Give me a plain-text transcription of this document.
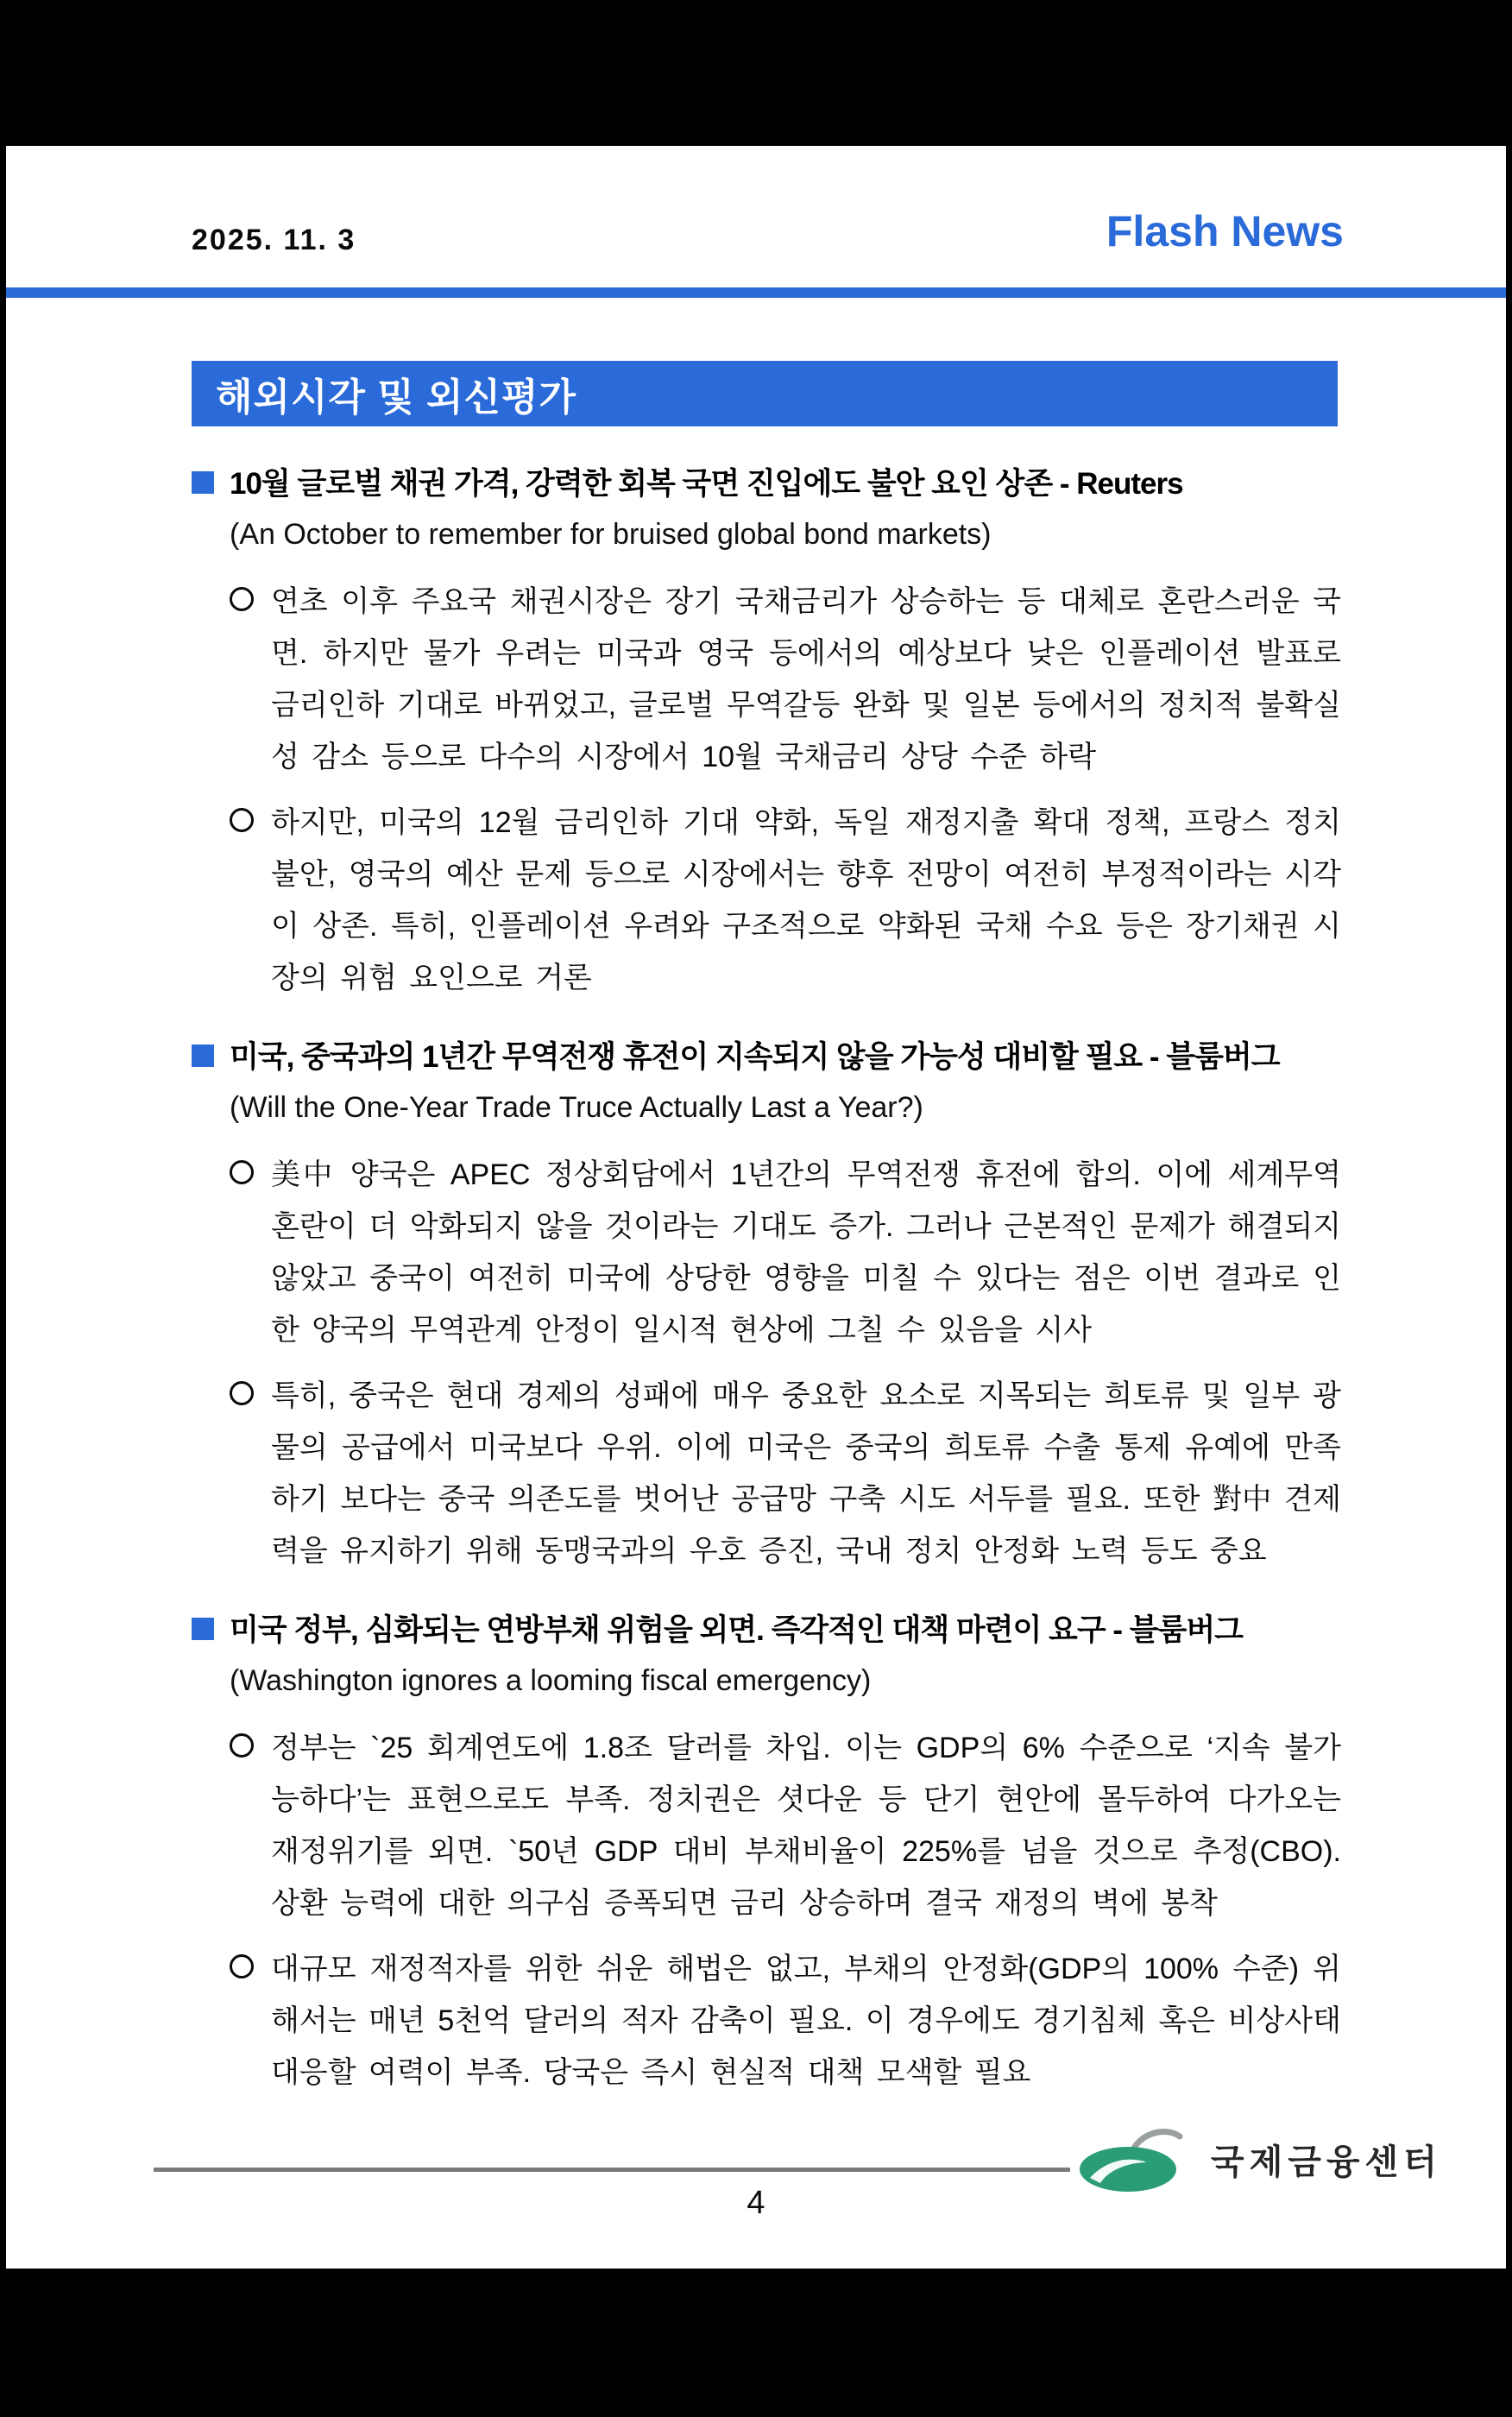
2025. 11. 3	Flash News
해외시각 및 외신평가
10월 글로벌 채권 가격, 강력한 회복 국면 진입에도 불안 요인 상존 - Reuters
(An October to remember for bruised global bond markets)
연초 이후 주요국 채권시장은 장기 국채금리가 상승하는 등 대체로 혼란스러운 국면. 하지만 물가 우려는 미국과 영국 등에서의 예상보다 낮은 인플레이션 발표로 금리인하 기대로 바뀌었고, 글로벌 무역갈등 완화 및 일본 등에서의 정치적 불확실성 감소 등으로 다수의 시장에서 10월 국채금리 상당 수준 하락
하지만, 미국의 12월 금리인하 기대 약화, 독일 재정지출 확대 정책, 프랑스 정치 불안, 영국의 예산 문제 등으로 시장에서는 향후 전망이 여전히 부정적이라는 시각이 상존. 특히, 인플레이션 우려와 구조적으로 약화된 국채 수요 등은 장기채권 시장의 위험 요인으로 거론
미국, 중국과의 1년간 무역전쟁 휴전이 지속되지 않을 가능성 대비할 필요 - 블룸버그
(Will the One-Year Trade Truce Actually Last a Year?)
美中 양국은 APEC 정상회담에서 1년간의 무역전쟁 휴전에 합의. 이에 세계무역 혼란이 더 악화되지 않을 것이라는 기대도 증가. 그러나 근본적인 문제가 해결되지 않았고 중국이 여전히 미국에 상당한 영향을 미칠 수 있다는 점은 이번 결과로 인한 양국의 무역관계 안정이 일시적 현상에 그칠 수 있음을 시사
특히, 중국은 현대 경제의 성패에 매우 중요한 요소로 지목되는 희토류 및 일부 광물의 공급에서 미국보다 우위. 이에 미국은 중국의 희토류 수출 통제 유예에 만족하기 보다는 중국 의존도를 벗어난 공급망 구축 시도 서두를 필요. 또한 對中 견제력을 유지하기 위해 동맹국과의 우호 증진, 국내 정치 안정화 노력 등도 중요
미국 정부, 심화되는 연방부채 위험을 외면. 즉각적인 대책 마련이 요구 - 블룸버그
(Washington ignores a looming fiscal emergency)
정부는 `25 회계연도에 1.8조 달러를 차입. 이는 GDP의 6% 수준으로 ‘지속 불가능하다’는 표현으로도 부족. 정치권은 셧다운 등 단기 현안에 몰두하여 다가오는 재정위기를 외면. `50년 GDP 대비 부채비율이 225%를 넘을 것으로 추정(CBO). 상환 능력에 대한 의구심 증폭되면 금리 상승하며 결국 재정의 벽에 봉착
대규모 재정적자를 위한 쉬운 해법은 없고, 부채의 안정화(GDP의 100% 수준) 위해서는 매년 5천억 달러의 적자 감축이 필요. 이 경우에도 경기침체 혹은 비상사태 대응할 여력이 부족. 당국은 즉시 현실적 대책 모색할 필요
국제금융센터
4
